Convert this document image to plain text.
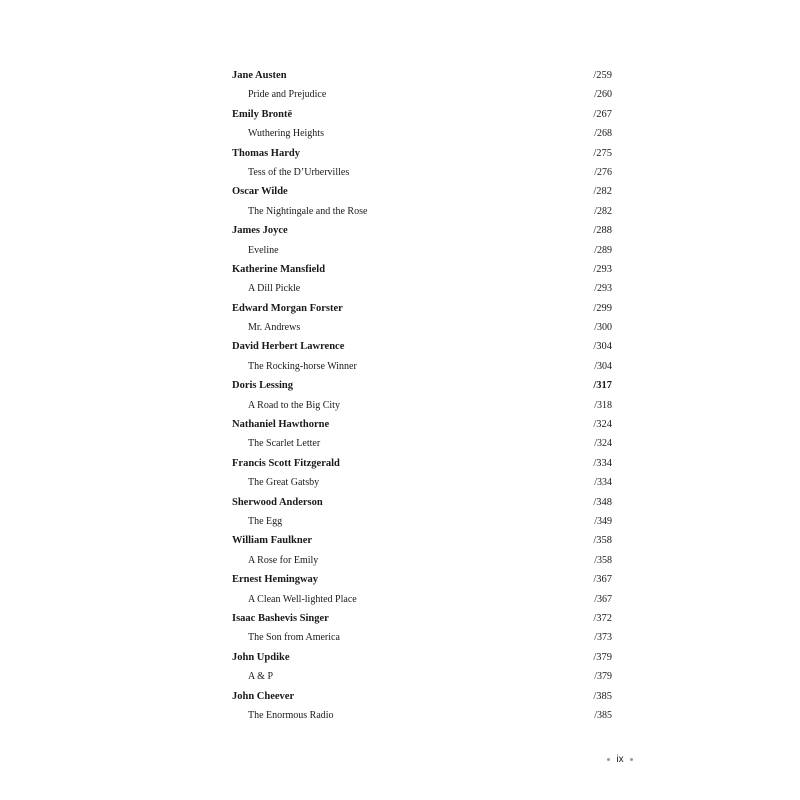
Jane Austen	/259
Pride and Prejudice	/260
Emily Brontë	/267
Wuthering Heights	/268
Thomas Hardy	/275
Tess of the D’Urbervilles	/276
Oscar Wilde	/282
The Nightingale and the Rose	/282
James Joyce	/288
Eveline	/289
Katherine Mansfield	/293
A Dill Pickle	/293
Edward Morgan Forster	/299
Mr. Andrews	/300
David Herbert Lawrence	/304
The Rocking-horse Winner	/304
Doris Lessing	/317
A Road to the Big City	/318
Nathaniel Hawthorne	/324
The Scarlet Letter	/324
Francis Scott Fitzgerald	/334
The Great Gatsby	/334
Sherwood Anderson	/348
The Egg	/349
William Faulkner	/358
A Rose for Emily	/358
Ernest Hemingway	/367
A Clean Well-lighted Place	/367
Isaac Bashevis Singer	/372
The Son from America	/373
John Updike	/379
A & P	/379
John Cheever	/385
The Enormous Radio	/385
ix
